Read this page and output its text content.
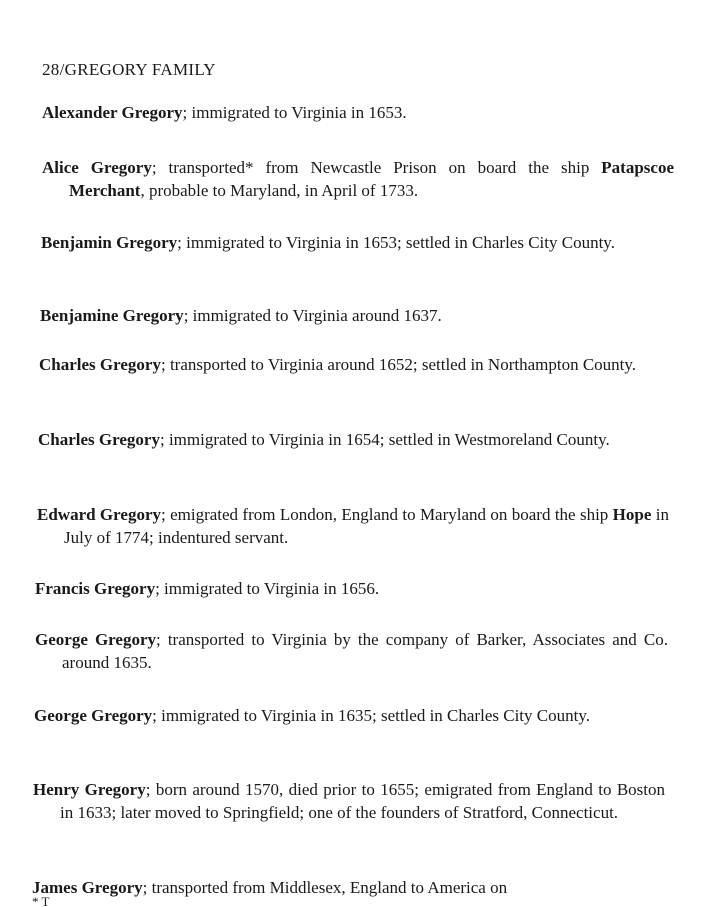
28/GREGORY FAMILY
Alexander Gregory; immigrated to Virginia in 1653.
Alice Gregory; transported* from Newcastle Prison on board the ship Patapscoe Merchant, probable to Maryland, in April of 1733.
Benjamin Gregory; immigrated to Virginia in 1653; settled in Charles City County.
Benjamine Gregory; immigrated to Virginia around 1637.
Charles Gregory; transported to Virginia around 1652; settled in Northampton County.
Charles Gregory; immigrated to Virginia in 1654; settled in Westmoreland County.
Edward Gregory; emigrated from London, England to Maryland on board the ship Hope in July of 1774; indentured servant.
Francis Gregory; immigrated to Virginia in 1656.
George Gregory; transported to Virginia by the company of Barker, Associates and Co. around 1635.
George Gregory; immigrated to Virginia in 1635; settled in Charles City County.
Henry Gregory; born around 1570, died prior to 1655; emigrated from England to Boston in 1633; later moved to Springfield; one of the founders of Stratford, Connecticut.
James Gregory; transported from Middlesex, England to America on
* T
